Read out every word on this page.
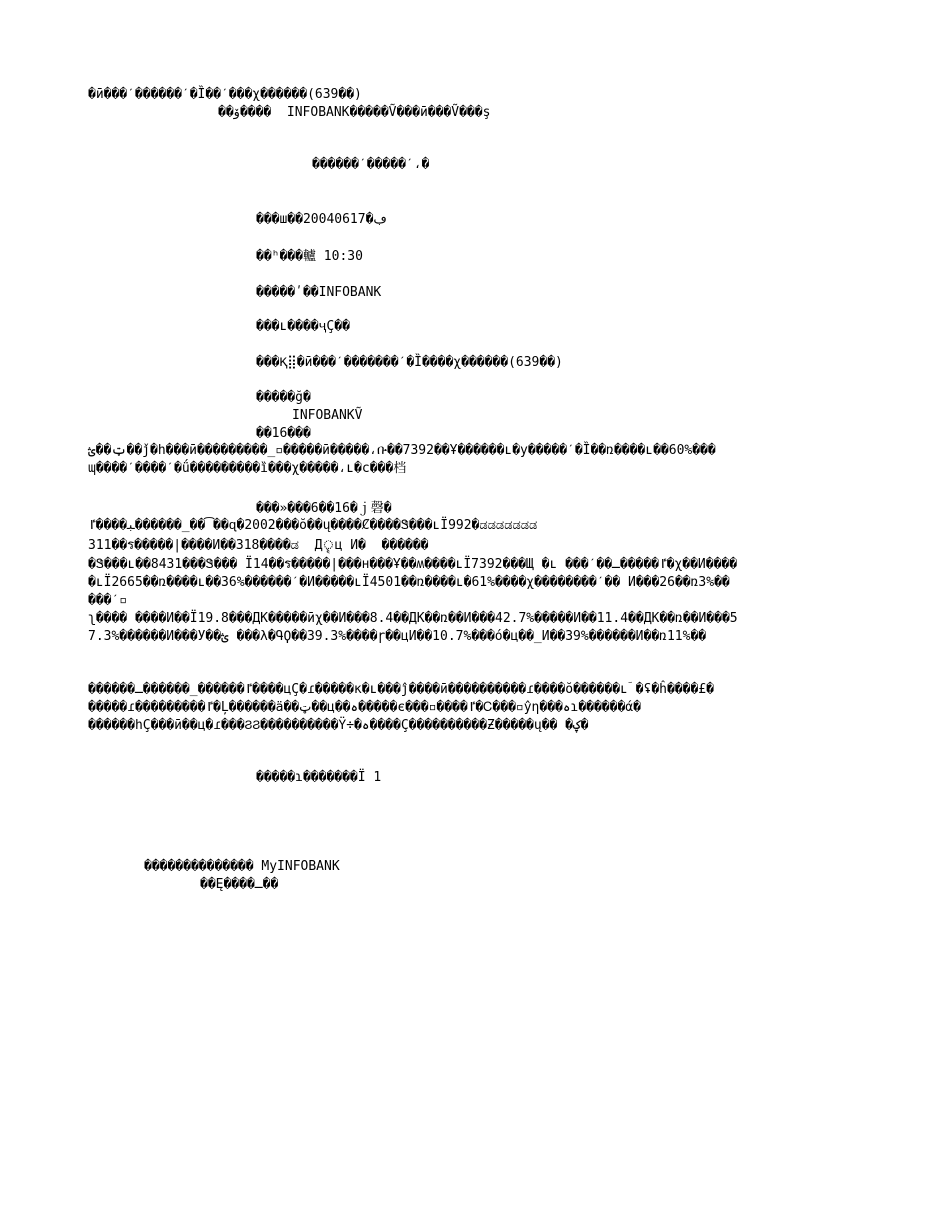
�ӣ���ˊ������ˊ�Ȉ��ˊ���χ������(639��)
��ۆ����  INFOBANK�����Ṽ���ӣ���Ṽ���ş
������ˊ�����ˊ،�
���ш��20040617�ڢ
��ʰ���轤 10:30
�����ʹ��INFOBANK
���ʟ����ҷÇ��
���Ⱪ⣿�ӣ���ˊ�������ˊ�Ȉ����χ������(639��)
�����ğ�
INFOBANKṼ
��16���
ټ��ؿ��ǰ�h���ӣ���������_▫�����ӣ�����،ቡ��7392��Ұ������ʟ�у�����ˊ�Ȉ��ռ����ʟ��60%���
ɰ����ˊ����ˊ�ǘ���������ȉ���χ�����،ʟ�c���档
���»���6��16�ｊ磬�
ﺒ����ٵ������_���͡�ɋ�2002���ŏ��ų����Ȼ����Ꮥ���ʟÏ992�ಡಡಡಡಡಡಡ
311��ร�����|����И��318����ಡ  Дৄц И�  ������
�Ꮥ���ʟ��8431���Ꮥ��� Ï14��ร�����|���н���Ұ��ʍ����ʟÏ7392���Щ �ʟ ���ˊ��ٵ�����ـ�χ��И����
�ʟÏ2665��ռ����ʟ��36%������ˊ�И�����ʟÏ4501��ռ����ʟ�61%����χ��������ˊ�� И���26��ռ3%��
���ˊ▫
ʅ���� ����И��Ï19.8���ДК�����ӣχ��И���8.4��ДК��ռ��И���42.7%�����И��11.4��ДК��ռ��И���5
7.3%������И���У��ؿ ���λ�ԳϘ��39.3%����ɼ��цИ��10.7%���ό�ц��_И��39%������И��ռ11%��
������ٵ������_������ـ����цÇ�ɾ�����ĸ�ʟ���ĵ����ӣ����������ɾ����ŏ������ʟؔ �ʢ�ĥ�ؘ���£�
�����ɾ���������ٵ�Ļ������ä��ټ��ц��ہ�����є���▫����ٵ�Ꮯ���▫ŷη���ہɿ������ά�
������hÇ���ӣ��ц�ɾ���ϨϨ����������Ϋ÷�ہ����Ç����������Ƶ�����ų�� �ؼ�
�����ɿ�������Ï 1
�������������� MyINFOBANK
��Ę����ـ��
